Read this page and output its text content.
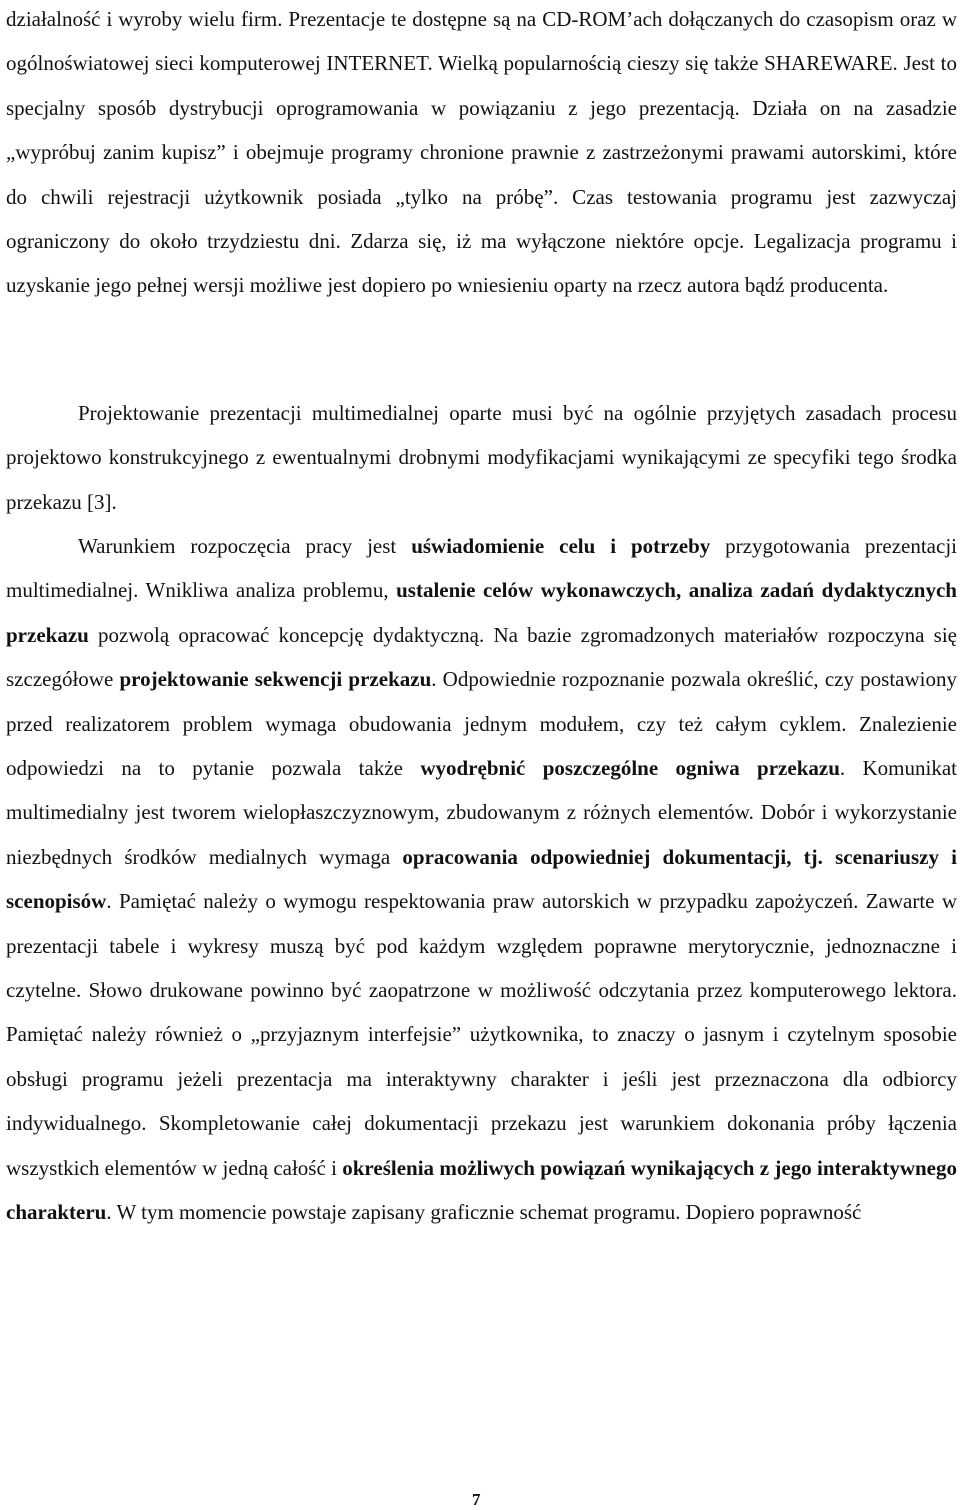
działalność i wyroby wielu firm. Prezentacje te dostępne są na CD-ROM’ach dołączanych do czasopism oraz w ogólnoświatowej sieci komputerowej INTERNET. Wielką popularnością cieszy się także SHAREWARE. Jest to specjalny sposób dystrybucji oprogramowania w powiązaniu z jego prezentacją. Działa on na zasadzie „wypróbuj zanim kupisz” i obejmuje programy chronione prawnie z zastrzeżonymi prawami autorskimi, które do chwili rejestracji użytkownik posiada „tylko na próbę”. Czas testowania programu jest zazwyczaj ograniczony do około trzydziestu dni. Zdarza się, iż ma wyłączone niektóre opcje. Legalizacja programu i uzyskanie jego pełnej wersji możliwe jest dopiero po wniesieniu oparty na rzecz autora bądź producenta.

Projektowanie prezentacji multimedialnej oparte musi być na ogólnie przyjętych zasadach procesu projektowo konstrukcyjnego z ewentualnymi drobnymi modyfikacjami wynikającymi ze specyfiki tego środka przekazu [3].

Warunkiem rozpoczęcia pracy jest uświadomienie celu i potrzeby przygotowania prezentacji multimedialnej. Wnikliwa analiza problemu, ustalenie celów wykonawczych, analiza zadań dydaktycznych przekazu pozwolą opracować koncepcję dydaktyczną. Na bazie zgromadzonych materiałów rozpoczyna się szczegółowe projektowanie sekwencji przekazu. Odpowiednie rozpoznanie pozwala określić, czy postawiony przed realizatorem problem wymaga obudowania jednym modułem, czy też całym cyklem. Znalezienie odpowiedzi na to pytanie pozwala także wyodrębnić poszczególne ogniwa przekazu. Komunikat multimedialny jest tworem wielopłaszczyznowym, zbudowanym z różnych elementów. Dobór i wykorzystanie niezbędnych środków medialnych wymaga opracowania odpowiedniej dokumentacji, tj. scenariuszy i scenopisów. Pamiętać należy o wymogu respektowania praw autorskich w przypadku zapożyczeń. Zawarte w prezentacji tabele i wykresy muszą być pod każdym względem poprawne merytorycznie, jednoznaczne i czytelne. Słowo drukowane powinno być zaopatrzone w możliwość odczytania przez komputerowego lektora. Pamiętać należy również o „przyjaznym interfejsie” użytkownika, to znaczy o jasnym i czytelnym sposobie obsługi programu jeżeli prezentacja ma interaktywny charakter i jeśli jest przeznaczona dla odbiorcy indywidualnego. Skompletowanie całej dokumentacji przekazu jest warunkiem dokonania próby łączenia wszystkich elementów w jedną całość i określenia możliwych powiązań wynikających z jego interaktywnego charakteru. W tym momencie powstaje zapisany graficznie schemat programu. Dopiero poprawność

7
